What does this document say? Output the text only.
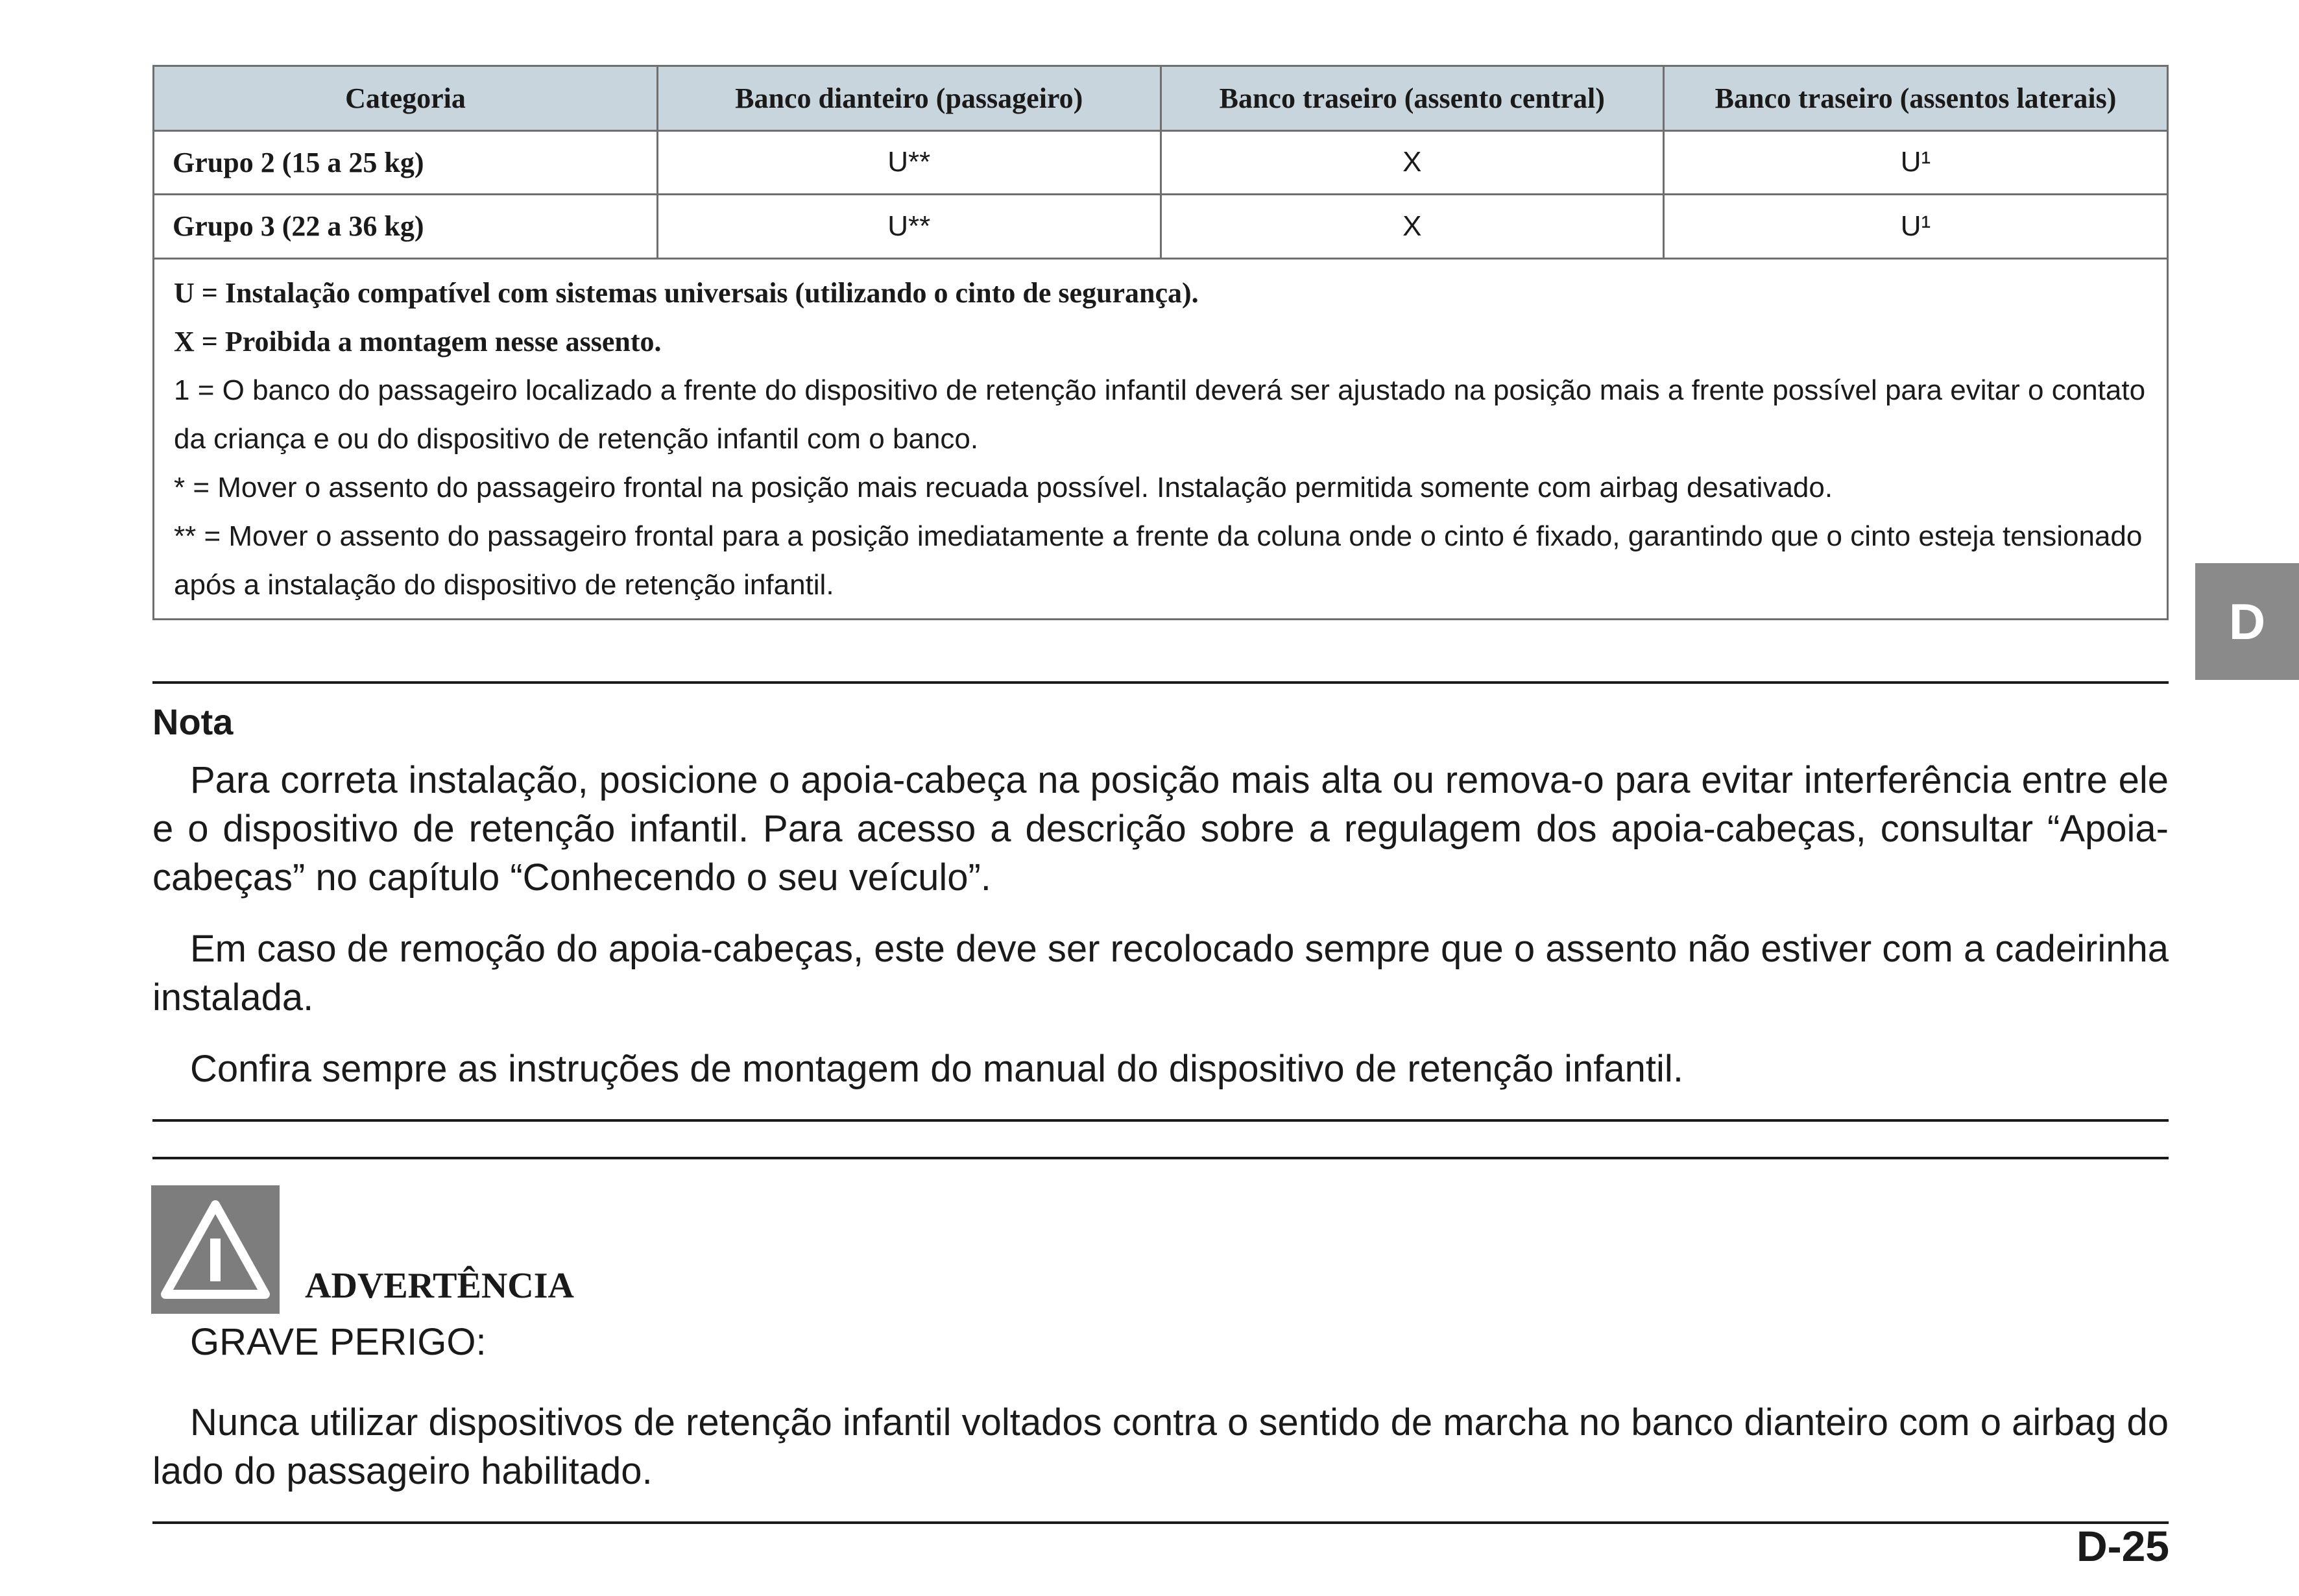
Categoria	Banco dianteiro (passageiro)	Banco traseiro (assento central)	Banco traseiro (assentos laterais)
Grupo 2 (15 a 25 kg)	U**	X	U¹
Grupo 3 (22 a 36 kg)	U**	X	U¹

U = Instalação compatível com sistemas universais (utilizando o cinto de segurança).

X = Proibida a montagem nesse assento.

1 = O banco do passageiro localizado a frente do dispositivo de retenção infantil deverá ser ajustado na posição mais a frente possível para evitar o contato da criança e ou do dispositivo de retenção infantil com o banco.

* = Mover o assento do passageiro frontal na posição mais recuada possível. Instalação permitida somente com airbag desativado.

** = Mover o assento do passageiro frontal para a posição imediatamente a frente da coluna onde o cinto é fixado, garantindo que o cinto esteja tensionado após a instalação do dispositivo de retenção infantil.

D
Nota

Para correta instalação, posicione o apoia-cabeça na posição mais alta ou remova-o para evitar interferência entre ele e o dispositivo de retenção infantil. Para acesso a descrição sobre a regulagem dos apoia-cabeças, consultar “Apoia-cabeças” no capítulo “Conhecendo o seu veículo”.

Em caso de remoção do apoia-cabeças, este deve ser recolocado sempre que o assento não estiver com a cadeirinha instalada.

Confira sempre as instruções de montagem do manual do dispositivo de retenção infantil.

ADVERTÊNCIA
GRAVE PERIGO:

Nunca utilizar dispositivos de retenção infantil voltados contra o sentido de marcha no banco dianteiro com o airbag do lado do passageiro habilitado.

D-25
